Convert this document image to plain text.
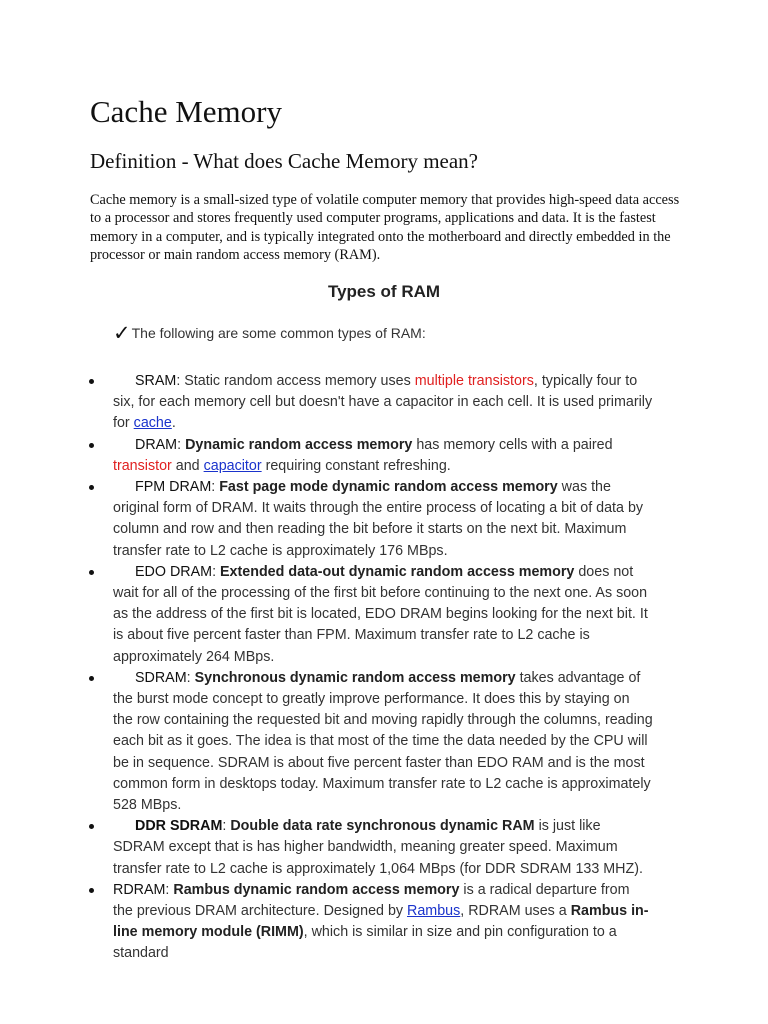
Cache Memory
Definition - What does Cache Memory mean?

Cache memory is a small-sized type of volatile computer memory that provides high-speed data access to a processor and stores frequently used computer programs, applications and data. It is the fastest memory in a computer, and is typically integrated onto the motherboard and directly embedded in the processor or main random access memory (RAM).

Types of RAM
✓The following are some common types of RAM:
SRAM: Static random access memory uses multiple transistors, typically four to six, for each memory cell but doesn't have a capacitor in each cell. It is used primarily for cache.
DRAM: Dynamic random access memory has memory cells with a paired transistor and capacitor requiring constant refreshing.
FPM DRAM: Fast page mode dynamic random access memory was the original form of DRAM. It waits through the entire process of locating a bit of data by column and row and then reading the bit before it starts on the next bit. Maximum transfer rate to L2 cache is approximately 176 MBps.
EDO DRAM: Extended data-out dynamic random access memory does not wait for all of the processing of the first bit before continuing to the next one. As soon as the address of the first bit is located, EDO DRAM begins looking for the next bit. It is about five percent faster than FPM. Maximum transfer rate to L2 cache is approximately 264 MBps.
SDRAM: Synchronous dynamic random access memory takes advantage of the burst mode concept to greatly improve performance. It does this by staying on the row containing the requested bit and moving rapidly through the columns, reading each bit as it goes. The idea is that most of the time the data needed by the CPU will be in sequence. SDRAM is about five percent faster than EDO RAM and is the most common form in desktops today. Maximum transfer rate to L2 cache is approximately 528 MBps.
DDR SDRAM: Double data rate synchronous dynamic RAM is just like SDRAM except that is has higher bandwidth, meaning greater speed. Maximum transfer rate to L2 cache is approximately 1,064 MBps (for DDR SDRAM 133 MHZ).
RDRAM: Rambus dynamic random access memory is a radical departure from the previous DRAM architecture. Designed by Rambus, RDRAM uses a Rambus in-line memory module (RIMM), which is similar in size and pin configuration to a standard
